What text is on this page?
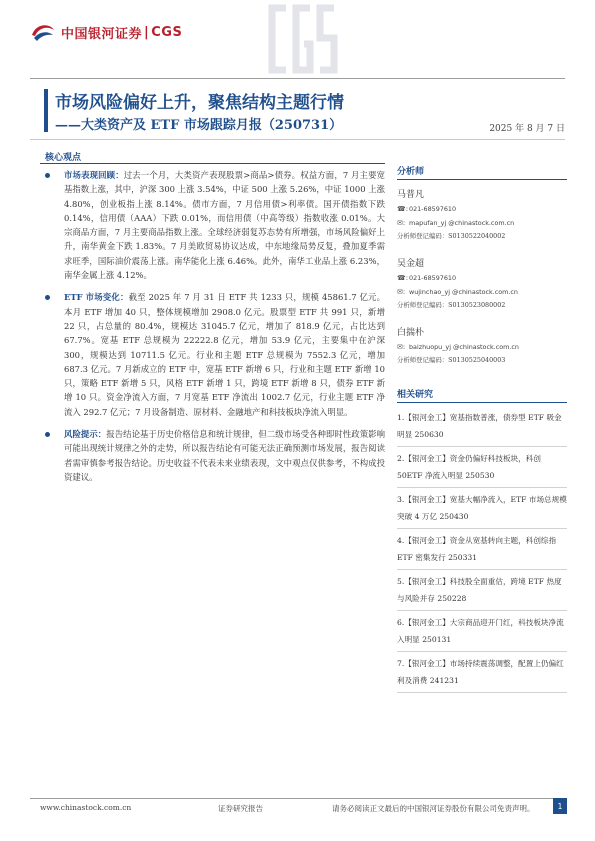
中国银河证券 | CGS
市场风险偏好上升，聚焦结构主题行情
——大类资产及 ETF 市场跟踪月报（250731）	2025 年 8 月 7 日
核心观点
市场表现回顾：过去一个月，大类资产表现股票>商品>债券。权益方面，7 月主要宽基指数上涨，其中，沪深 300 上涨 3.54%，中证 500 上涨 5.26%，中证 1000 上涨 4.80%，创业板指上涨 8.14%。债市方面，7 月信用债>利率债。国开债指数下跌 0.14%，信用债（AAA）下跌 0.01%，而信用债（中高等级）指数收涨 0.01%。大宗商品方面，7 月主要商品指数上涨。全球经济弱复苏态势有所增强，市场风险偏好上升，南华黄金下跌 1.83%。7 月美欧贸易协议达成，中东地缘局势反复，叠加夏季需求旺季，国际油价震荡上涨。南华能化上涨 6.46%。此外，南华工业品上涨 6.23%，南华金属上涨 4.12%。
ETF 市场变化：截至 2025 年 7 月 31 日 ETF 共 1233 只，规模 45861.7 亿元。本月 ETF 增加 40 只，整体规模增加 2908.0 亿元。股票型 ETF 共 991 只，新增 22 只，占总量的 80.4%，规模达 31045.7 亿元，增加了 818.9 亿元，占比达到 67.7%。宽基 ETF 总规模为 22222.8 亿元，增加 53.9 亿元，主要集中在沪深 300，规模达到 10711.5 亿元。行业和主题 ETF 总规模为 7552.3 亿元，增加 687.3 亿元。7 月新成立的 ETF 中，宽基 ETF 新增 6 只，行业和主题 ETF 新增 10 只，策略 ETF 新增 5 只，风格 ETF 新增 1 只，跨境 ETF 新增 8 只，债券 ETF 新增 10 只。资金净流入方面，7 月宽基 ETF 净流出 1002.7 亿元，行业主题 ETF 净流入 292.7 亿元；7 月设备制造、原材料、金融地产和科技板块净流入明显。
风险提示：报告结论基于历史价格信息和统计规律，但二级市场受各种即时性政策影响可能出现统计规律之外的走势，所以报告结论有可能无法正确预测市场发展，报告阅读者需审慎参考报告结论。历史收益不代表未来业绩表现，文中观点仅供参考，不构成投资建议。
分析师
马普凡
☎: 021-68597610
✉: mapufan_yj @chinastock.com.cn
分析师登记编码：S0130522040002
吴金超
☎: 021-68597610
✉: wujinchao_yj @chinastock.com.cn
分析师登记编码：S0130523080002
白揣朴
✉: baizhuopu_yj @chinastock.com.cn
分析师登记编码：S0130525040003
相关研究
1.【银河金工】宽基指数普涨，债券型 ETF 吸金明显 250630
2.【银河金工】资金仍偏好科技板块，科创 50ETF 净流入明显 250530
3.【银河金工】宽基大幅净流入，ETF 市场总规模突破 4 万亿 250430
4.【银河金工】资金从宽基转向主题，科创综指 ETF 密集发行 250331
5.【银河金工】科技股全面重估，跨境 ETF 热度与风险并存 250228
6.【银河金工】大宗商品迎开门红，科技板块净流入明显 250131
7.【银河金工】市场持续震荡调整，配置上仍偏红利及消费 241231
www.chinastock.com.cn	证券研究报告	请务必阅读正文最后的中国银河证券股份有限公司免责声明。	1
